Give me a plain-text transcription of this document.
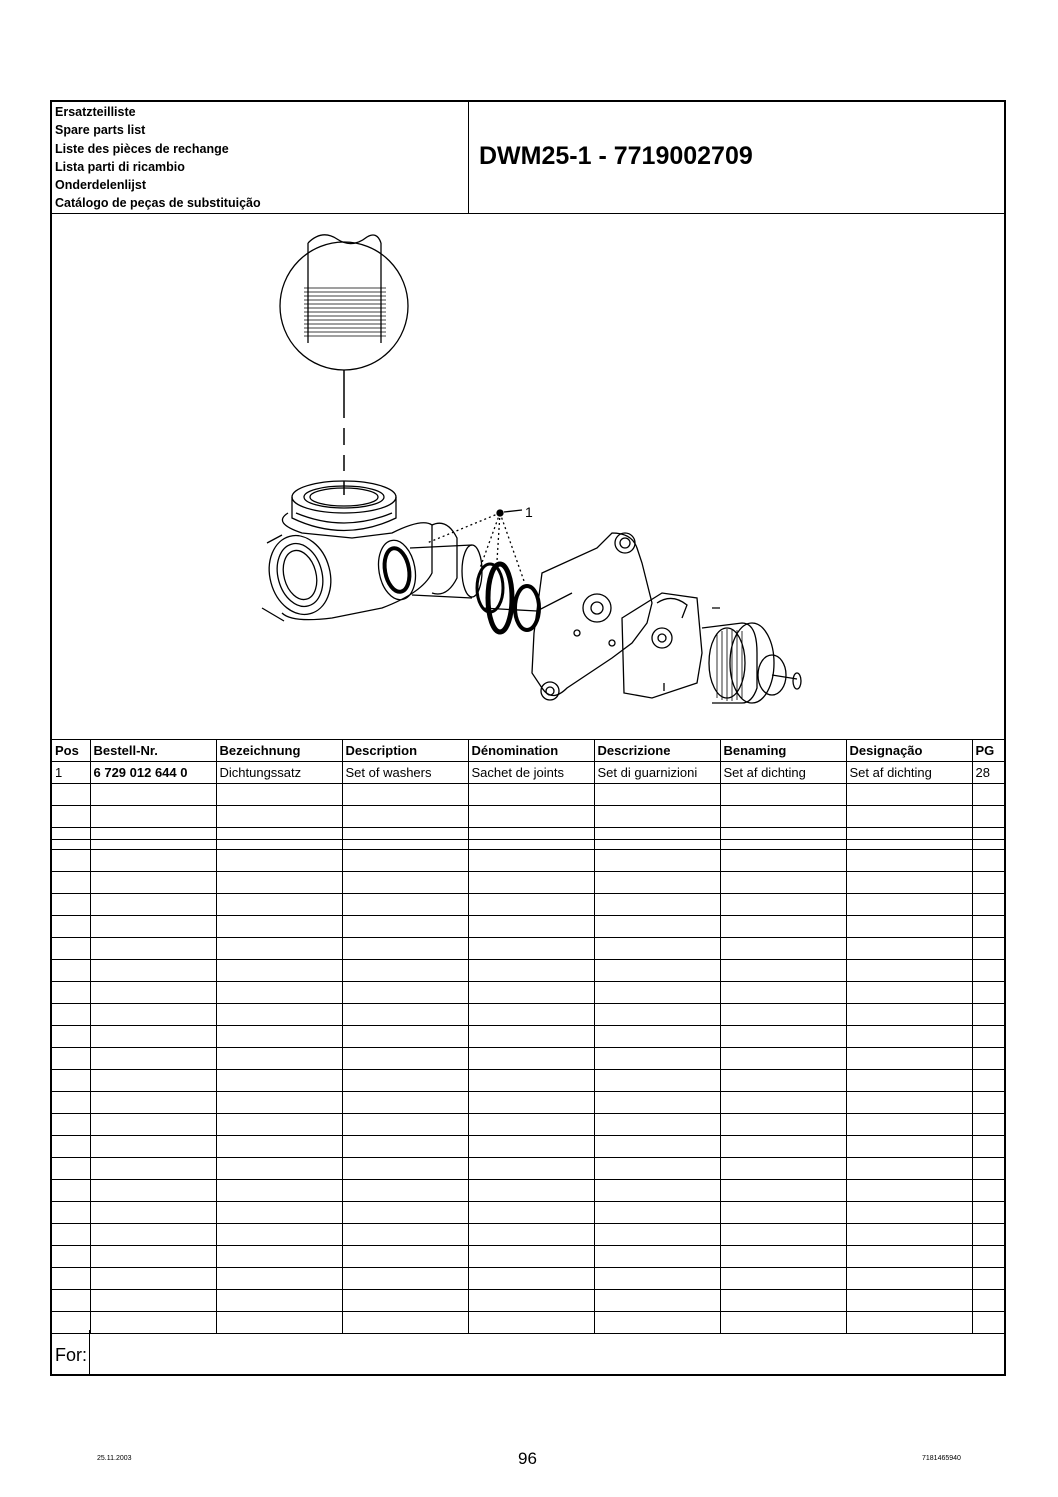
Ersatzteilliste
Spare parts list
Liste des pièces de rechange
Lista parti di ricambio
Onderdelenlijst
Catálogo de peças de substituição
DWM25-1 - 7719002709
1
Pos	Bestell-Nr.	Bezeichnung	Description	Dénomination	Descrizione	Benaming	Designação	PG
1	6 729 012 644 0	Dichtungssatz	Set of washers	Sachet de joints	Set di guarnizioni	Set af dichting	Set af dichting	28

For:
25.11.2003	96	7181465940
